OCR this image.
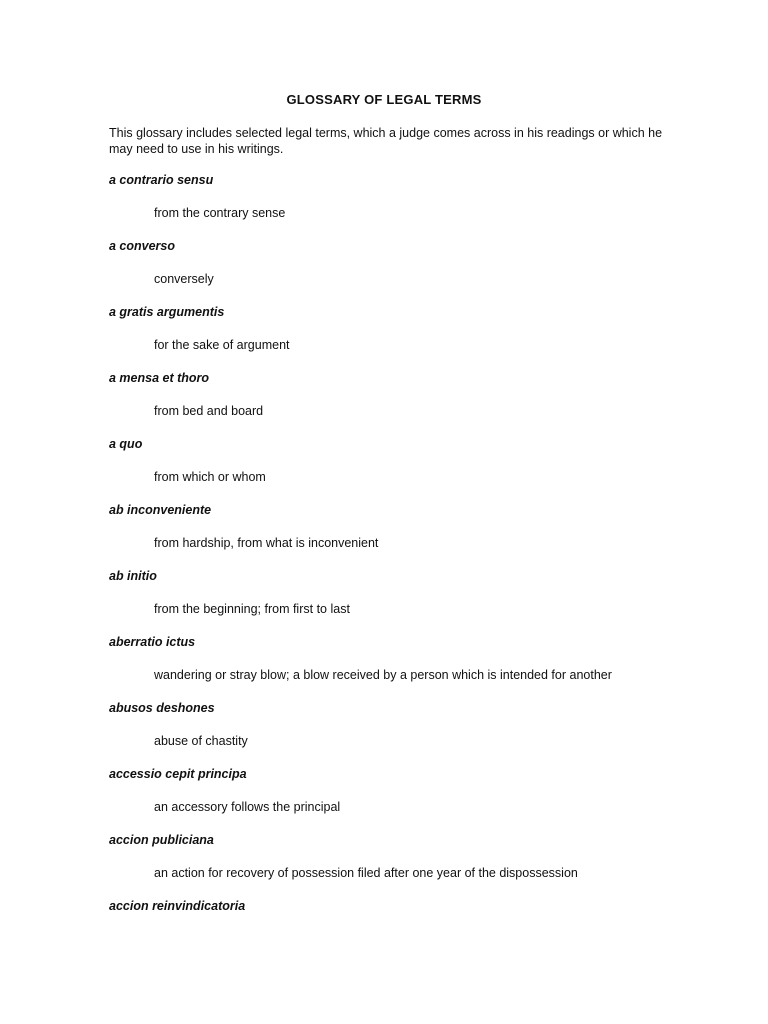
GLOSSARY OF LEGAL TERMS
This glossary includes selected legal terms, which a judge comes across in his readings or which he may need to use in his writings.
a contrario sensu
from the contrary sense
a converso
conversely
a gratis argumentis
for the sake of argument
a mensa et thoro
from bed and board
a quo
from which or whom
ab inconveniente
from hardship, from what is inconvenient
ab initio
from the beginning; from first to last
aberratio ictus
wandering or stray blow; a blow received by a person which is intended for another
abusos deshones
abuse of chastity
accessio cepit principa
an accessory follows the principal
accion publiciana
an action for recovery of possession filed after one year of the dispossession
accion reinvindicatoria
